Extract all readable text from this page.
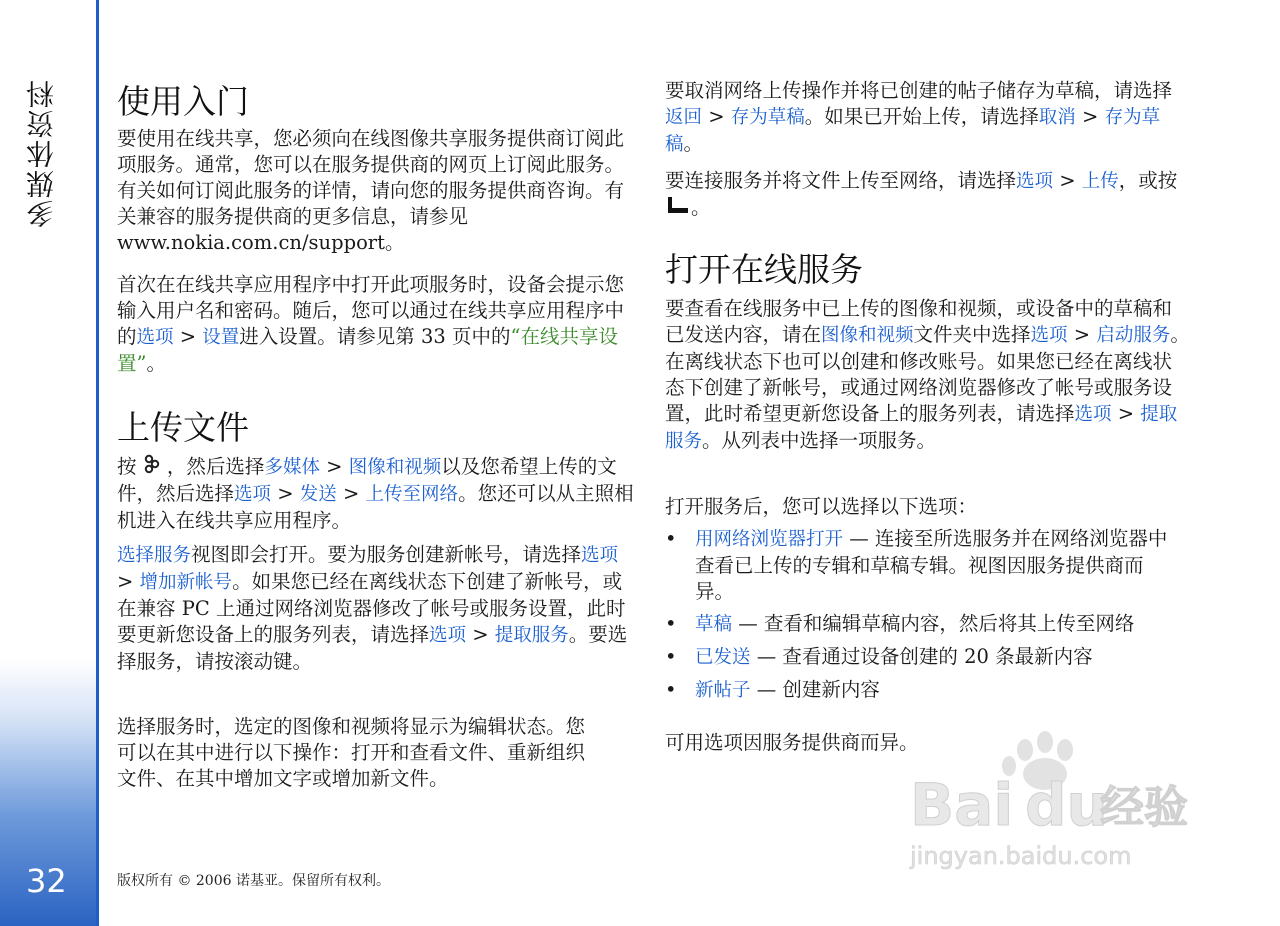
多媒体资料
32
使用入门

要使用在线共享，您必须向在线图像共享服务提供商订阅此项服务。通常，您可以在服务提供商的网页上订阅此服务。有关如何订阅此服务的详情，请向您的服务提供商咨询。有关兼容的服务提供商的更多信息，请参见 www.nokia.com.cn/support。

首次在在线共享应用程序中打开此项服务时，设备会提示您输入用户名和密码。随后，您可以通过在线共享应用程序中的选项 > 设置进入设置。请参见第 33 页中的“在线共享设置”。

上传文件

按 ，然后选择多媒体 > 图像和视频以及您希望上传的文件，然后选择选项 > 发送 > 上传至网络。您还可以从主照相机进入在线共享应用程序。

选择服务视图即会打开。要为服务创建新帐号，请选择选项 > 增加新帐号。如果您已经在离线状态下创建了新帐号，或在兼容 PC 上通过网络浏览器修改了帐号或服务设置，此时要更新您设备上的服务列表，请选择选项 > 提取服务。要选择服务，请按滚动键。

选择服务时，选定的图像和视频将显示为编辑状态。您可以在其中进行以下操作：打开和查看文件、重新组织文件、在其中增加文字或增加新文件。

要取消网络上传操作并将已创建的帖子储存为草稿，请选择返回 > 存为草稿。如果已开始上传，请选择取消 > 存为草稿。

要连接服务并将文件上传至网络，请选择选项 > 上传，或按 。

打开在线服务

要查看在线服务中已上传的图像和视频，或设备中的草稿和已发送内容，请在图像和视频文件夹中选择选项 > 启动服务。在离线状态下也可以创建和修改账号。如果您已经在离线状态下创建了新帐号，或通过网络浏览器修改了帐号或服务设置，此时希望更新您设备上的服务列表，请选择选项 > 提取服务。从列表中选择一项服务。

打开服务后，您可以选择以下选项：

• 用网络浏览器打开 — 连接至所选服务并在网络浏览器中查看已上传的专辑和草稿专辑。视图因服务提供商而异。
• 草稿 — 查看和编辑草稿内容，然后将其上传至网络
• 已发送 — 查看通过设备创建的 20 条最新内容
• 新帖子 — 创建新内容

可用选项因服务提供商而异。

版权所有 © 2006 诺基亚。保留所有权利。
Bai du
经验
jingyan.baidu.com
